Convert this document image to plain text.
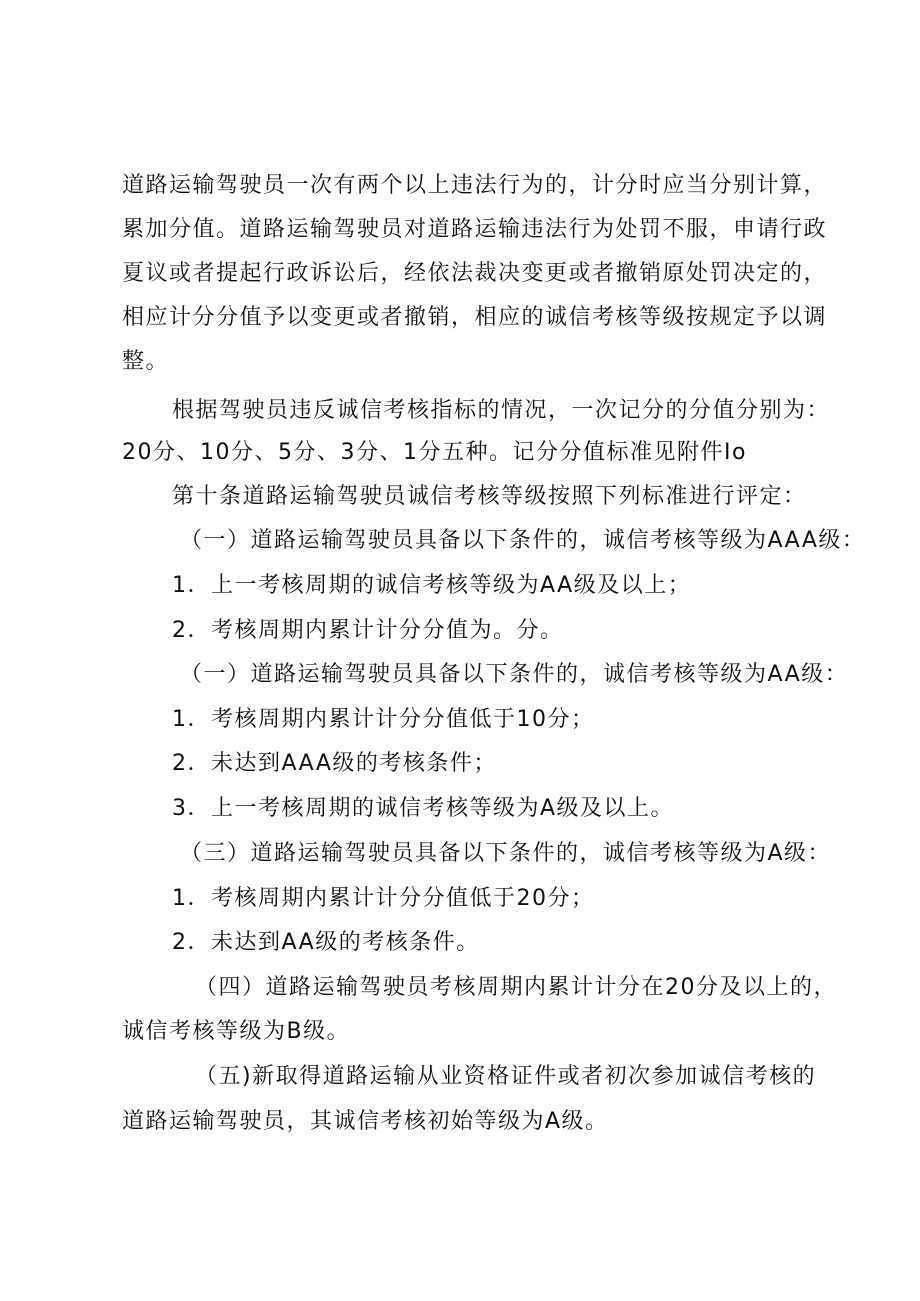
道路运输驾驶员一次有两个以上违法行为的，计分时应当分别计算，
累加分值。道路运输驾驶员对道路运输违法行为处罚不服，申请行政
夏议或者提起行政诉讼后，经依法裁决变更或者撤销原处罚决定的，
相应计分分值予以变更或者撤销，相应的诚信考核等级按规定予以调
整。
根据驾驶员违反诚信考核指标的情况，一次记分的分值分别为：
20分、10分、5分、3分、1分五种。记分分值标准见附件Io
第十条道路运输驾驶员诚信考核等级按照下列标准进行评定：
（一）道路运输驾驶员具备以下条件的，诚信考核等级为AAA级：
1．上一考核周期的诚信考核等级为AA级及以上；
2．考核周期内累计计分分值为。分。
（一）道路运输驾驶员具备以下条件的，诚信考核等级为AA级：
1．考核周期内累计计分分值低于10分；
2．未达到AAA级的考核条件；
3．上一考核周期的诚信考核等级为A级及以上。
（三）道路运输驾驶员具备以下条件的，诚信考核等级为A级：
1．考核周期内累计计分分值低于20分；
2．未达到AA级的考核条件。
（四）道路运输驾驶员考核周期内累计计分在20分及以上的，
诚信考核等级为B级。
（五)新取得道路运输从业资格证件或者初次参加诚信考核的
道路运输驾驶员，其诚信考核初始等级为A级。
